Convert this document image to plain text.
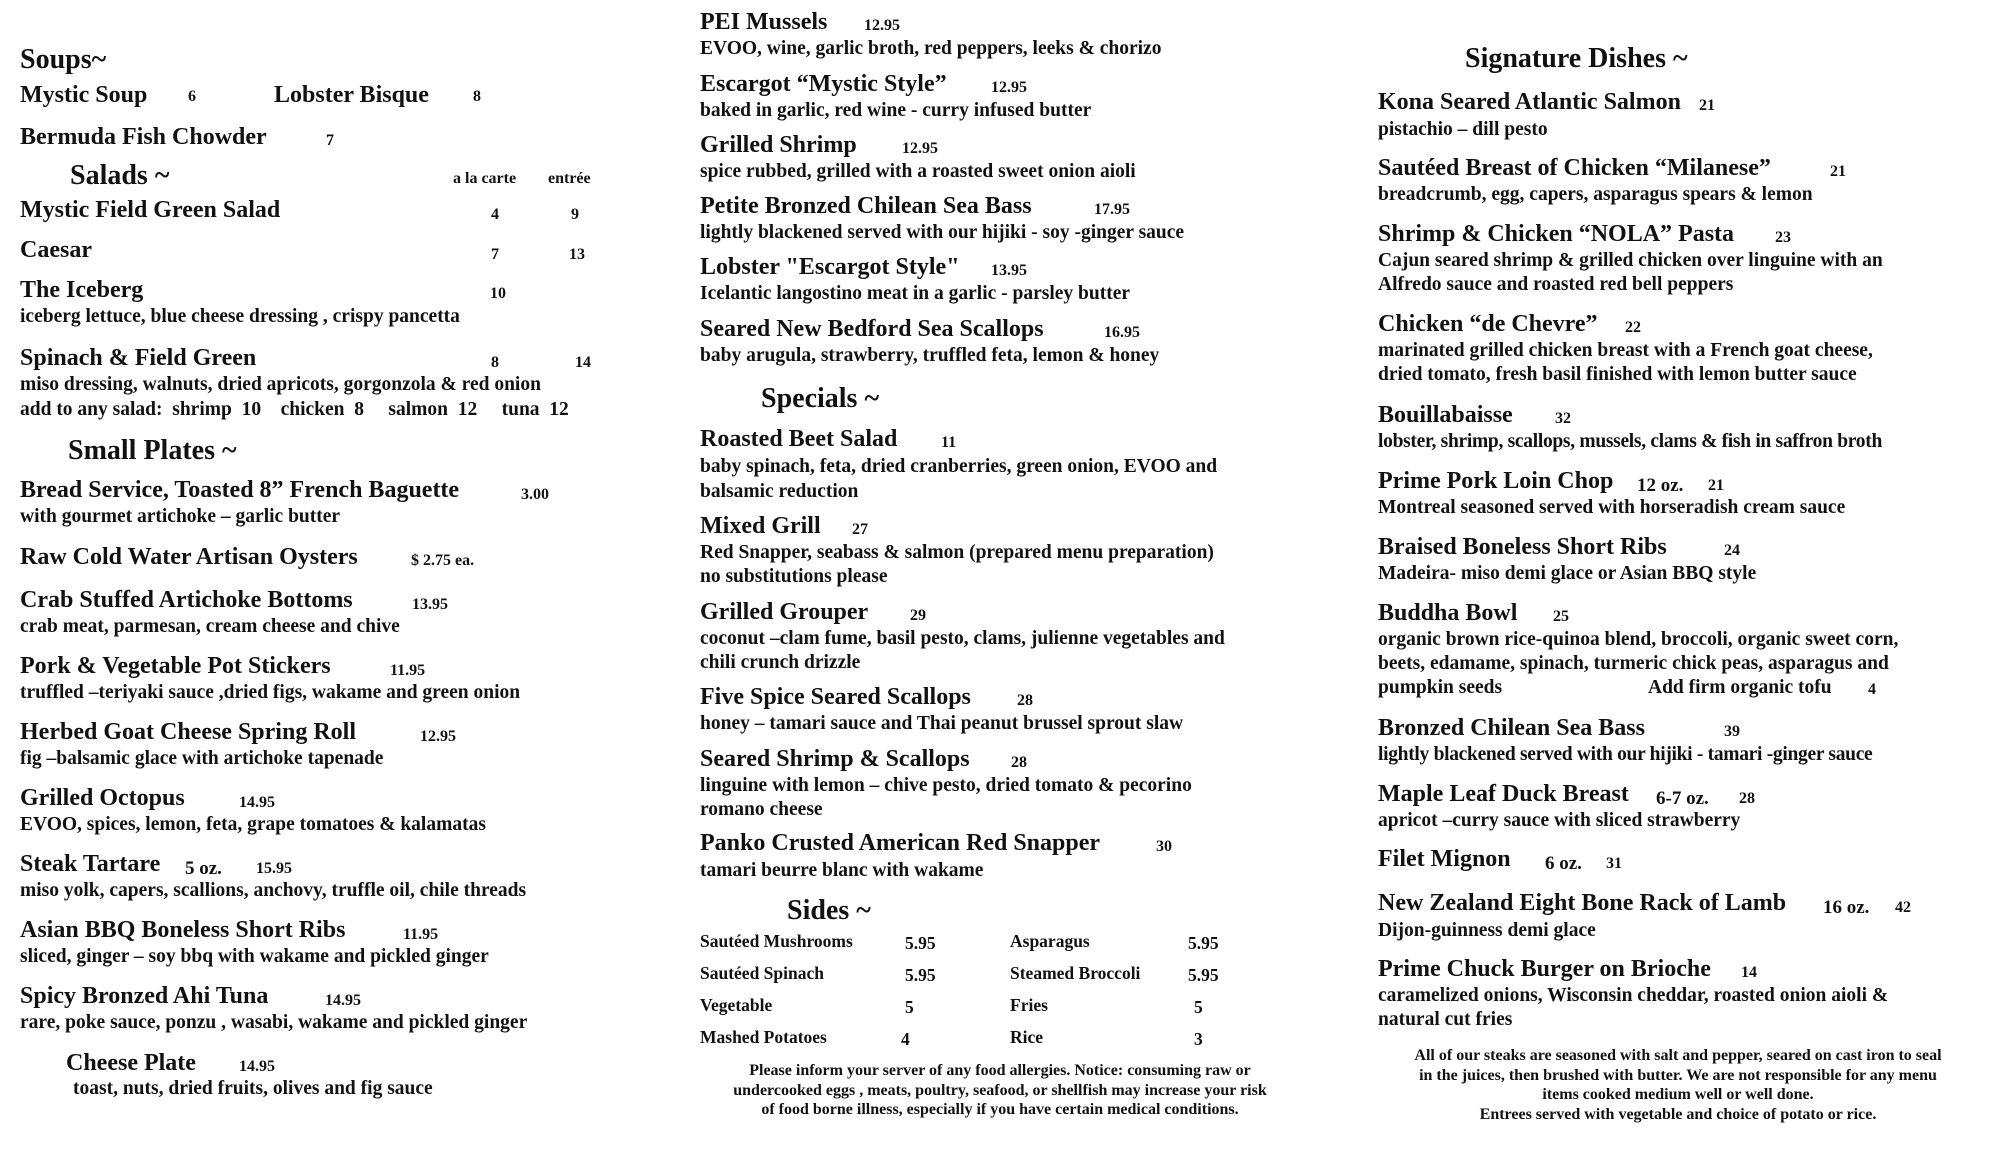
Soups~
Mystic Soup	6	Lobster Bisque	8
Bermuda Fish Chowder	7
Salads ~	a la carte entrée
Mystic Field Green Salad	4	9
Caesar	7	13
The Iceberg	10
iceberg lettuce, blue cheese dressing , crispy pancetta
Spinach & Field Green	8	14
miso dressing, walnuts, dried apricots, gorgonzola & red onion
add to any salad:  shrimp  10    chicken  8     salmon  12     tuna  12
Small Plates ~
Bread Service, Toasted 8” French Baguette	3.00
with gourmet artichoke – garlic butter
Raw Cold Water Artisan Oysters	$ 2.75 ea.
Crab Stuffed Artichoke Bottoms	13.95
crab meat, parmesan, cream cheese and chive
Pork & Vegetable Pot Stickers	11.95
truffled –teriyaki sauce ,dried figs, wakame and green onion
Herbed Goat Cheese Spring Roll	12.95
fig –balsamic glace with artichoke tapenade
Grilled Octopus	14.95
EVOO, spices, lemon, feta, grape tomatoes & kalamatas
Steak Tartare 5 oz. 15.95
miso yolk, capers, scallions, anchovy, truffle oil, chile threads
Asian BBQ Boneless Short Ribs	11.95
sliced, ginger – soy bbq with wakame and pickled ginger
Spicy Bronzed Ahi Tuna	14.95
rare, poke sauce, ponzu , wasabi, wakame and pickled ginger
Cheese Plate	14.95
toast, nuts, dried fruits, olives and fig sauce
PEI Mussels 12.95
EVOO, wine, garlic broth, red peppers, leeks & chorizo
Escargot “Mystic Style”	12.95
baked in garlic, red wine - curry infused butter
Grilled Shrimp	12.95
spice rubbed, grilled with a roasted sweet onion aioli
Petite Bronzed Chilean Sea Bass	17.95
lightly blackened served with our hijiki - soy -ginger sauce
Lobster "Escargot Style" 13.95
Icelantic langostino meat in a garlic - parsley butter
Seared New Bedford Sea Scallops	16.95
baby arugula, strawberry, truffled feta, lemon & honey
Specials ~
Roasted Beet Salad	11
baby spinach, feta, dried cranberries, green onion, EVOO and
balsamic reduction
Mixed Grill 27
Red Snapper, seabass & salmon (prepared menu preparation)
no substitutions please
Grilled Grouper	29
coconut –clam fume, basil pesto, clams, julienne vegetables and
chili crunch drizzle
Five Spice Seared Scallops	28
honey – tamari sauce and Thai peanut brussel sprout slaw
Seared Shrimp & Scallops	28
linguine with lemon – chive pesto, dried tomato & pecorino
romano cheese
Panko Crusted American Red Snapper	30
tamari beurre blanc with wakame
Sides ~
Sautéed Mushrooms	5.95	Asparagus	5.95
Sautéed Spinach	5.95	Steamed Broccoli	5.95
Vegetable	5	Fries	5
Mashed Potatoes	4	Rice	3
Please inform your server of any food allergies. Notice: consuming raw or
undercooked eggs , meats, poultry, seafood, or shellfish may increase your risk
of food borne illness, especially if you have certain medical conditions.
Signature Dishes ~
Kona Seared Atlantic Salmon 21
pistachio – dill pesto
Sautéed Breast of Chicken “Milanese”	21
breadcrumb, egg, capers, asparagus spears & lemon
Shrimp & Chicken “NOLA” Pasta	23
Cajun seared shrimp & grilled chicken over linguine with an
Alfredo sauce and roasted red bell peppers
Chicken “de Chevre” 22
marinated grilled chicken breast with a French goat cheese,
dried tomato, fresh basil finished with lemon butter sauce
Bouillabaisse	32
lobster, shrimp, scallops, mussels, clams & fish in saffron broth
Prime Pork Loin Chop 12 oz. 21
Montreal seasoned served with horseradish cream sauce
Braised Boneless Short Ribs	24
Madeira- miso demi glace or Asian BBQ style
Buddha Bowl 25
organic brown rice-quinoa blend, broccoli, organic sweet corn,
beets, edamame, spinach, turmeric chick peas, asparagus and
pumpkin seeds	Add firm organic tofu 4
Bronzed Chilean Sea Bass	39
lightly blackened served with our hijiki - tamari -ginger sauce
Maple Leaf Duck Breast 6-7 oz. 28
apricot –curry sauce with sliced strawberry
Filet Mignon 6 oz. 31
New Zealand Eight Bone Rack of Lamb 16 oz. 42
Dijon-guinness demi glace
Prime Chuck Burger on Brioche 14
caramelized onions, Wisconsin cheddar, roasted onion aioli &
natural cut fries
All of our steaks are seasoned with salt and pepper, seared on cast iron to seal
in the juices, then brushed with butter. We are not responsible for any menu
items cooked medium well or well done.
Entrees served with vegetable and choice of potato or rice.
